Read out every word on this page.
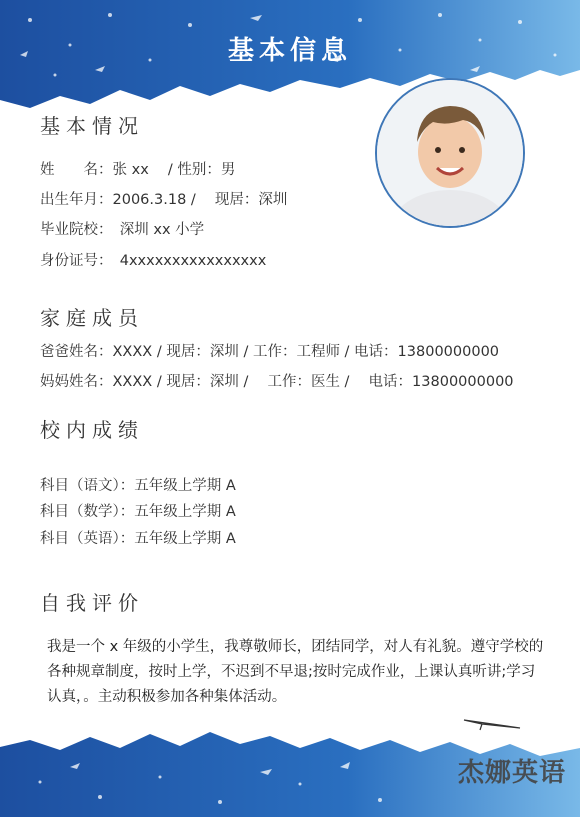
基本信息
基本情况
姓　　名：张 xx 　/ 性别：男
出生年月：2006.3.18 / 　现居：深圳
毕业院校：　深圳 xx 小学
身份证号：　4xxxxxxxxxxxxxxxx
家庭成员
爸爸姓名：XXXX / 现居：深圳 / 工作：工程师 / 电话：13800000000
妈妈姓名：XXXX / 现居：深圳 / 　工作：医生 / 　电话：13800000000
校内成绩
科目（语文）：五年级上学期 A
科目（数学）：五年级上学期 A
科目（英语）：五年级上学期 A
自我评价
我是一个 x 年级的小学生，我尊敬师长，团结同学，对人有礼貌。遵守学校的各种规章制度，按时上学，不迟到不早退;按时完成作业，上课认真听讲;学习认真，。主动积极参加各种集体活动。
杰娜英语
